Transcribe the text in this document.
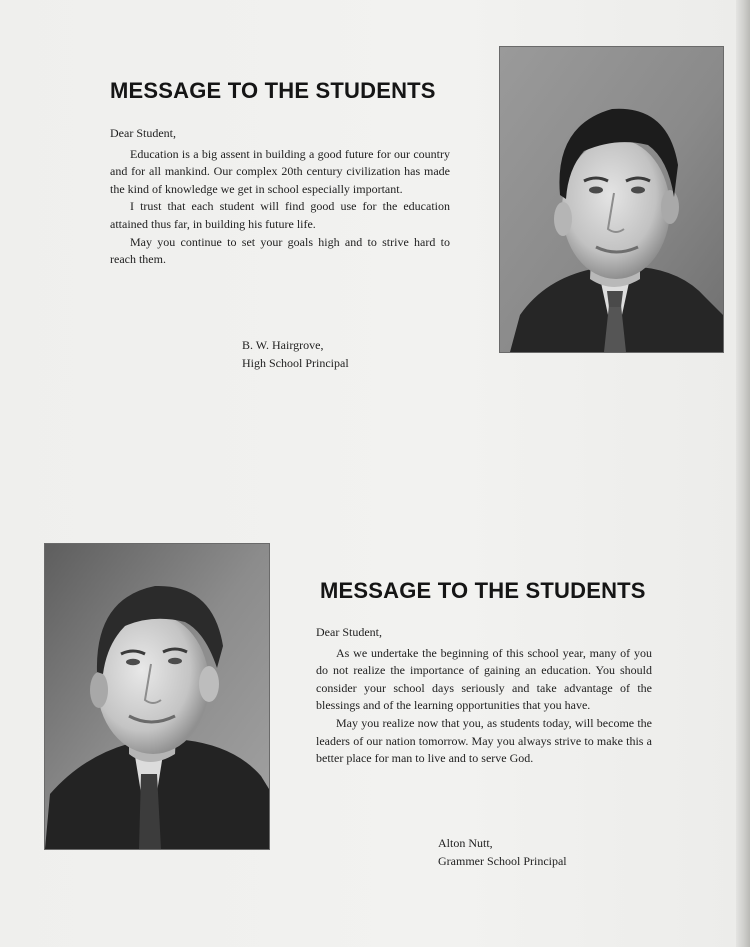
MESSAGE TO THE STUDENTS

Dear Student,

Education is a big assent in building a good future for our country and for all mankind. Our complex 20th century civilization has made the kind of knowledge we get in school especially important.

I trust that each student will find good use for the education attained thus far, in building his future life.

May you continue to set your goals high and to strive hard to reach them.

B. W. Hairgrove,
High School Principal
MESSAGE TO THE STUDENTS

Dear Student,

As we undertake the beginning of this school year, many of you do not realize the importance of gaining an education. You should consider your school days seriously and take advantage of the blessings and of the learning opportunities that you have.

May you realize now that you, as students today, will become the leaders of our nation tomorrow. May you always strive to make this a better place for man to live and to serve God.

Alton Nutt,
Grammer School Principal
